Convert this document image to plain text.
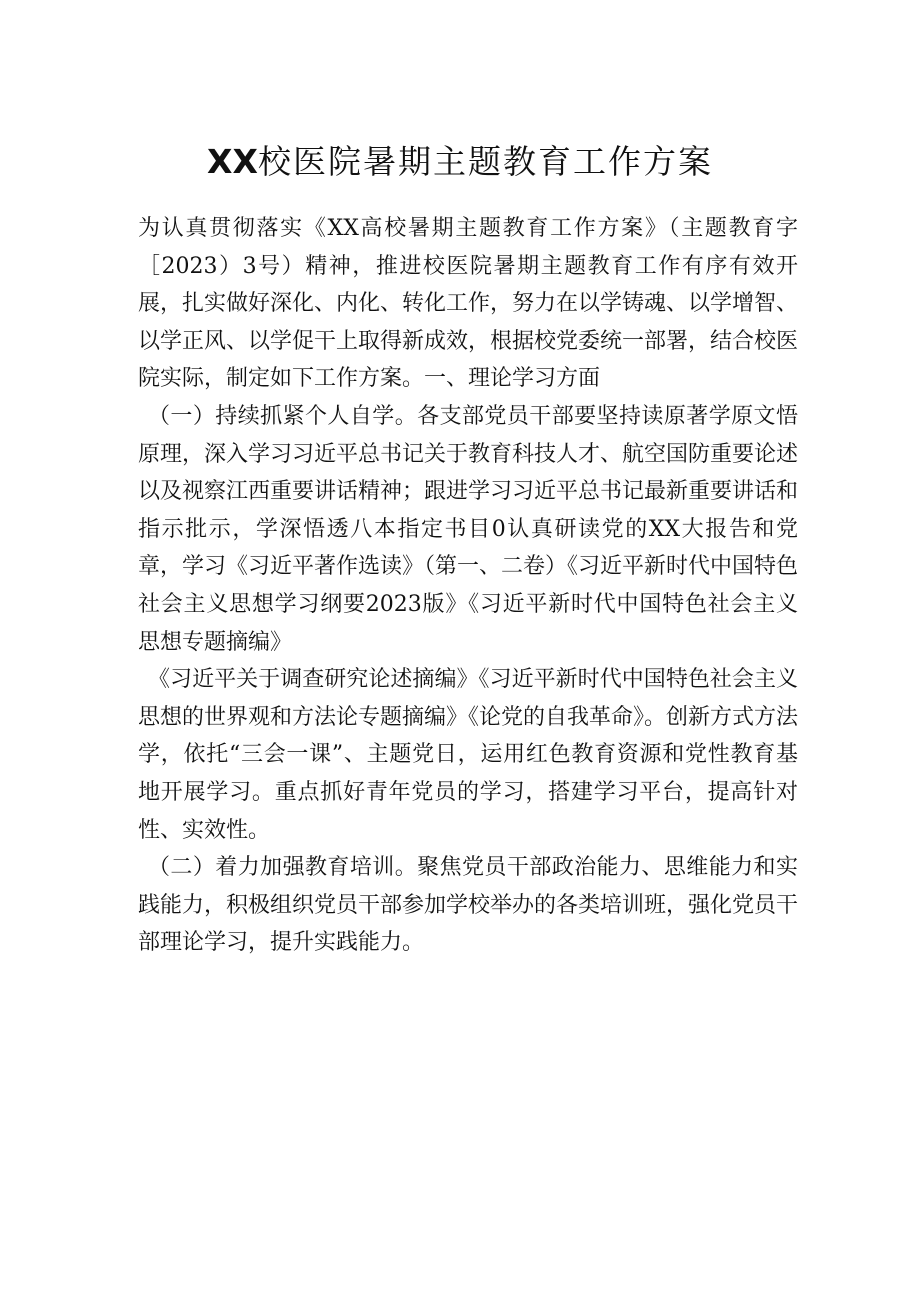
XX校医院暑期主题教育工作方案

为认真贯彻落实《XX高校暑期主题教育工作方案》（主题教育字［2023）3号）精神，推进校医院暑期主题教育工作有序有效开展，扎实做好深化、内化、转化工作，努力在以学铸魂、以学增智、以学正风、以学促干上取得新成效，根据校党委统一部署，结合校医院实际，制定如下工作方案。一、理论学习方面

（一）持续抓紧个人自学。各支部党员干部要坚持读原著学原文悟原理，深入学习习近平总书记关于教育科技人才、航空国防重要论述以及视察江西重要讲话精神；跟进学习习近平总书记最新重要讲话和指示批示，学深悟透八本指定书目0认真研读党的XX大报告和党章，学习《习近平著作选读》（第一、二卷）《习近平新时代中国特色社会主义思想学习纲要2023版》《习近平新时代中国特色社会主义思想专题摘编》

《习近平关于调查研究论述摘编》《习近平新时代中国特色社会主义思想的世界观和方法论专题摘编》《论党的自我革命》。创新方式方法学，依托“三会一课”、主题党日，运用红色教育资源和党性教育基地开展学习。重点抓好青年党员的学习，搭建学习平台，提高针对性、实效性。

（二）着力加强教育培训。聚焦党员干部政治能力、思维能力和实践能力，积极组织党员干部参加学校举办的各类培训班，强化党员干部理论学习，提升实践能力。
